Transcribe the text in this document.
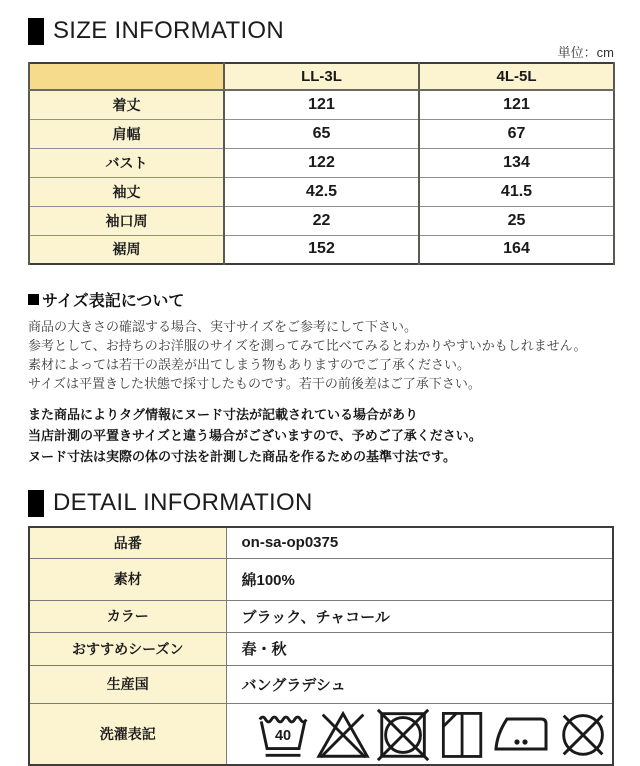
SIZE INFORMATION
単位：cm
	LL-3L	4L-5L
着丈	121	121
肩幅	65	67
バスト	122	134
袖丈	42.5	41.5
袖口周	22	25
裾周	152	164
サイズ表記について
商品の大きさの確認する場合、実寸サイズをご参考にして下さい。
参考として、お持ちのお洋服のサイズを測ってみて比べてみるとわかりやすいかもしれません。
素材によっては若干の誤差が出てしまう物もありますのでご了承ください。
サイズは平置きした状態で採寸したものです。若干の前後差はご了承下さい。
また商品によりタグ情報にヌード寸法が記載されている場合があり
当店計測の平置きサイズと違う場合がございますので、予めご了承ください。
ヌード寸法は実際の体の寸法を計測した商品を作るための基準寸法です。
DETAIL INFORMATION
品番	on-sa-op0375
素材	綿100%
カラー	ブラック、チャコール
おすすめシーズン	春・秋
生産国	バングラデシュ
洗濯表記	40
